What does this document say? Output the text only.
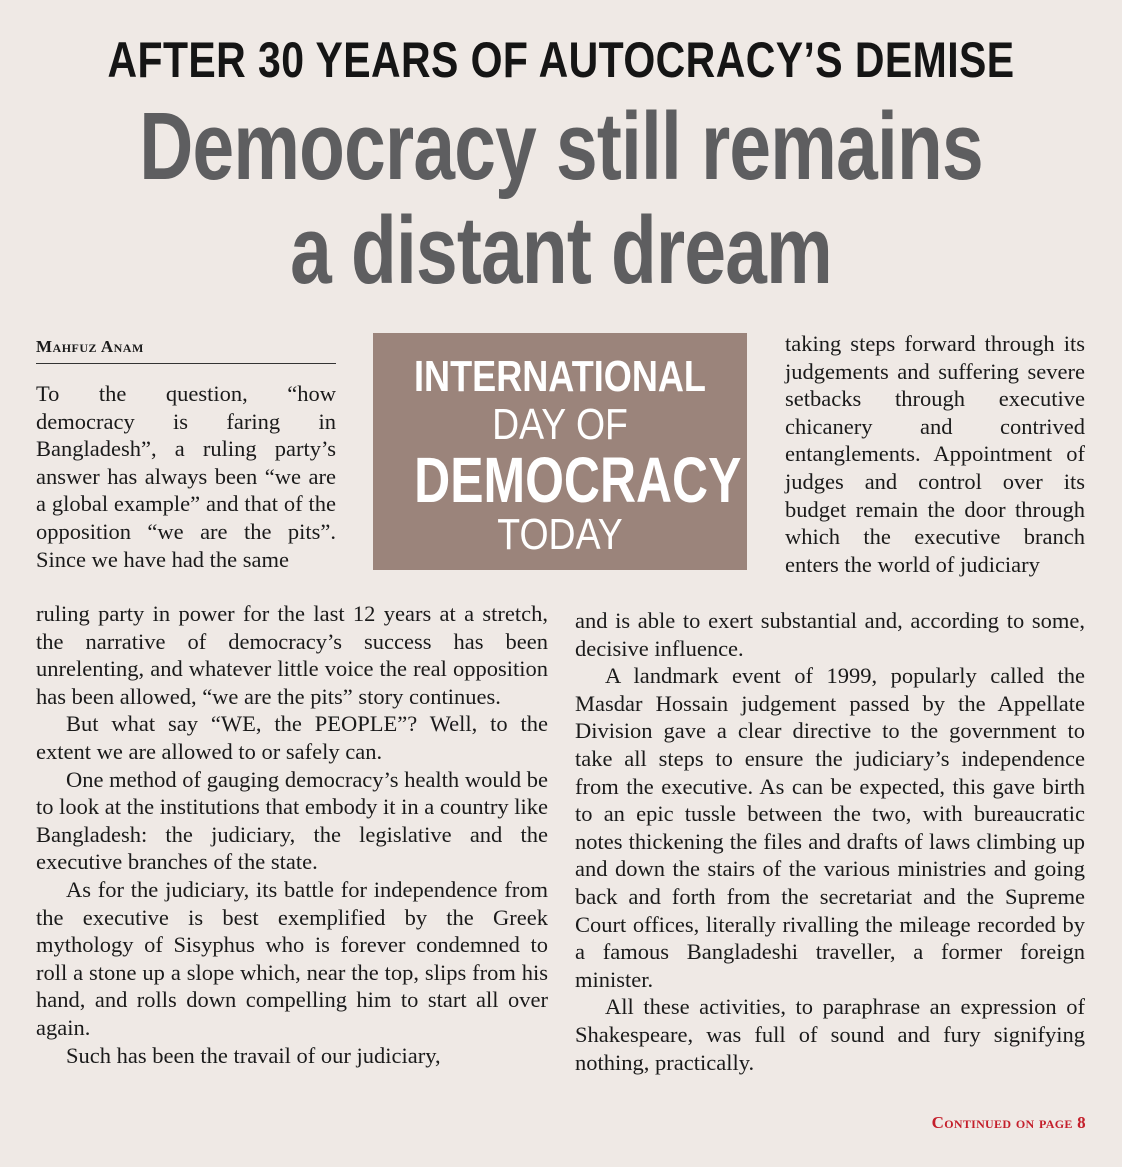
AFTER 30 YEARS OF AUTOCRACY’S DEMISE
Democracy still remains
a distant dream
Mahfuz Anam
INTERNATIONAL
DAY OF
DEMOCRACY
TODAY

To the question, “how democracy is faring in Bangladesh”, a ruling party’s answer has always been “we are a global example” and that of the opposition “we are the pits”. Since we have had the same

ruling party in power for the last 12 years at a stretch, the narrative of democracy’s success has been unrelenting, and whatever little voice the real opposition has been allowed, “we are the pits” story continues.

But what say “WE, the PEOPLE”? Well, to the extent we are allowed to or safely can.

One method of gauging democracy’s health would be to look at the institutions that embody it in a country like Bangladesh: the judiciary, the legislative and the executive branches of the state.

As for the judiciary, its battle for independence from the executive is best exemplified by the Greek mythology of Sisyphus who is forever condemned to roll a stone up a slope which, near the top, slips from his hand, and rolls down compelling him to start all over again.

Such has been the travail of our judiciary,

taking steps forward through its judgements and suffering severe setbacks through executive chicanery and contrived entanglements. Appointment of judges and control over its budget remain the door through which the executive branch enters the world of judiciary

and is able to exert substantial and, according to some, decisive influence.

A landmark event of 1999, popularly called the Masdar Hossain judgement passed by the Appellate Division gave a clear directive to the government to take all steps to ensure the judiciary’s independence from the executive. As can be expected, this gave birth to an epic tussle between the two, with bureaucratic notes thickening the files and drafts of laws climbing up and down the stairs of the various ministries and going back and forth from the secretariat and the Supreme Court offices, literally rivalling the mileage recorded by a famous Bangladeshi traveller, a former foreign minister.

All these activities, to paraphrase an expression of Shakespeare, was full of sound and fury signifying nothing, practically.

Continued on page 8
